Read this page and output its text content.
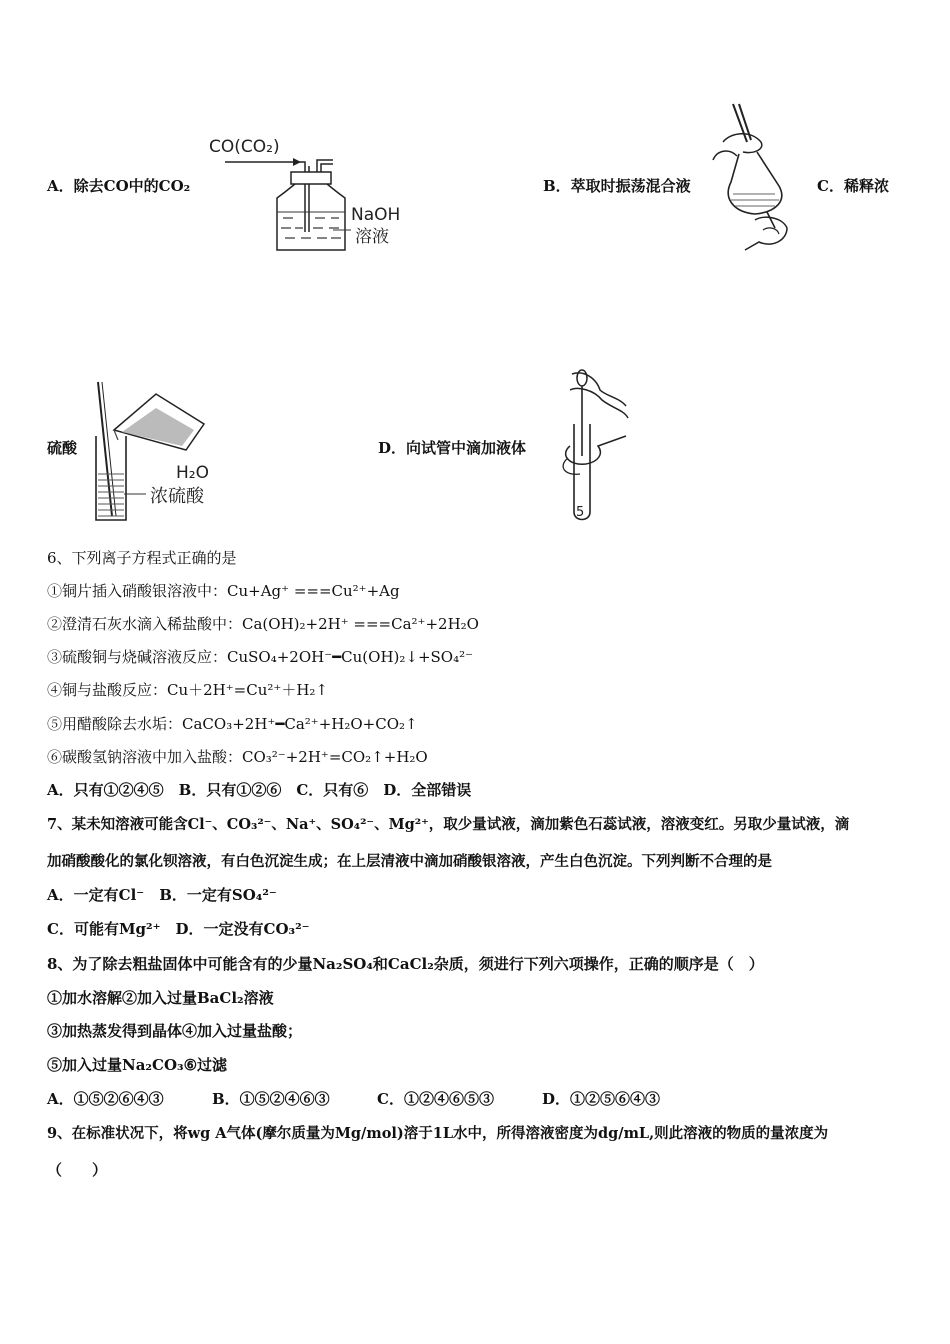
A．除去CO中的CO₂
CO(CO₂)
NaOH
溶液
B．萃取时振荡混合液	C．稀释浓
硫酸
H₂O
浓硫酸
D．向试管中滴加液体
5
6、下列离子方程式正确的是
①铜片插入硝酸银溶液中：Cu+Ag⁺ ===Cu²⁺+Ag
②澄清石灰水滴入稀盐酸中：Ca(OH)₂+2H⁺ ===Ca²⁺+2H₂O
③硫酸铜与烧碱溶液反应：CuSO₄+2OH⁻━Cu(OH)₂↓+SO₄²⁻
④铜与盐酸反应：Cu＋2H⁺=Cu²⁺＋H₂↑
⑤用醋酸除去水垢：CaCO₃+2H⁺━Ca²⁺+H₂O+CO₂↑
⑥碳酸氢钠溶液中加入盐酸：CO₃²⁻+2H⁺=CO₂↑+H₂O
A．只有①②④⑤　B．只有①②⑥　C．只有⑥　D．全部错误
7、某未知溶液可能含Cl⁻、CO₃²⁻、Na⁺、SO₄²⁻、Mg²⁺，取少量试液，滴加紫色石蕊试液，溶液变红。另取少量试液，滴
加硝酸酸化的氯化钡溶液，有白色沉淀生成；在上层清液中滴加硝酸银溶液，产生白色沉淀。下列判断不合理的是
A．一定有Cl⁻　B．一定有SO₄²⁻
C．可能有Mg²⁺　D．一定没有CO₃²⁻
8、为了除去粗盐固体中可能含有的少量Na₂SO₄和CaCl₂杂质，须进行下列六项操作，正确的顺序是（　）
①加水溶解②加入过量BaCl₂溶液
③加热蒸发得到晶体④加入过量盐酸；
⑤加入过量Na₂CO₃⑥过滤
A．①⑤②⑥④③	B．①⑤②④⑥③	C．①②④⑥⑤③	D．①②⑤⑥④③
9、在标准状况下，将wg A气体(摩尔质量为Mg/mol)溶于1L水中，所得溶液密度为dg/mL,则此溶液的物质的量浓度为
（　　）
